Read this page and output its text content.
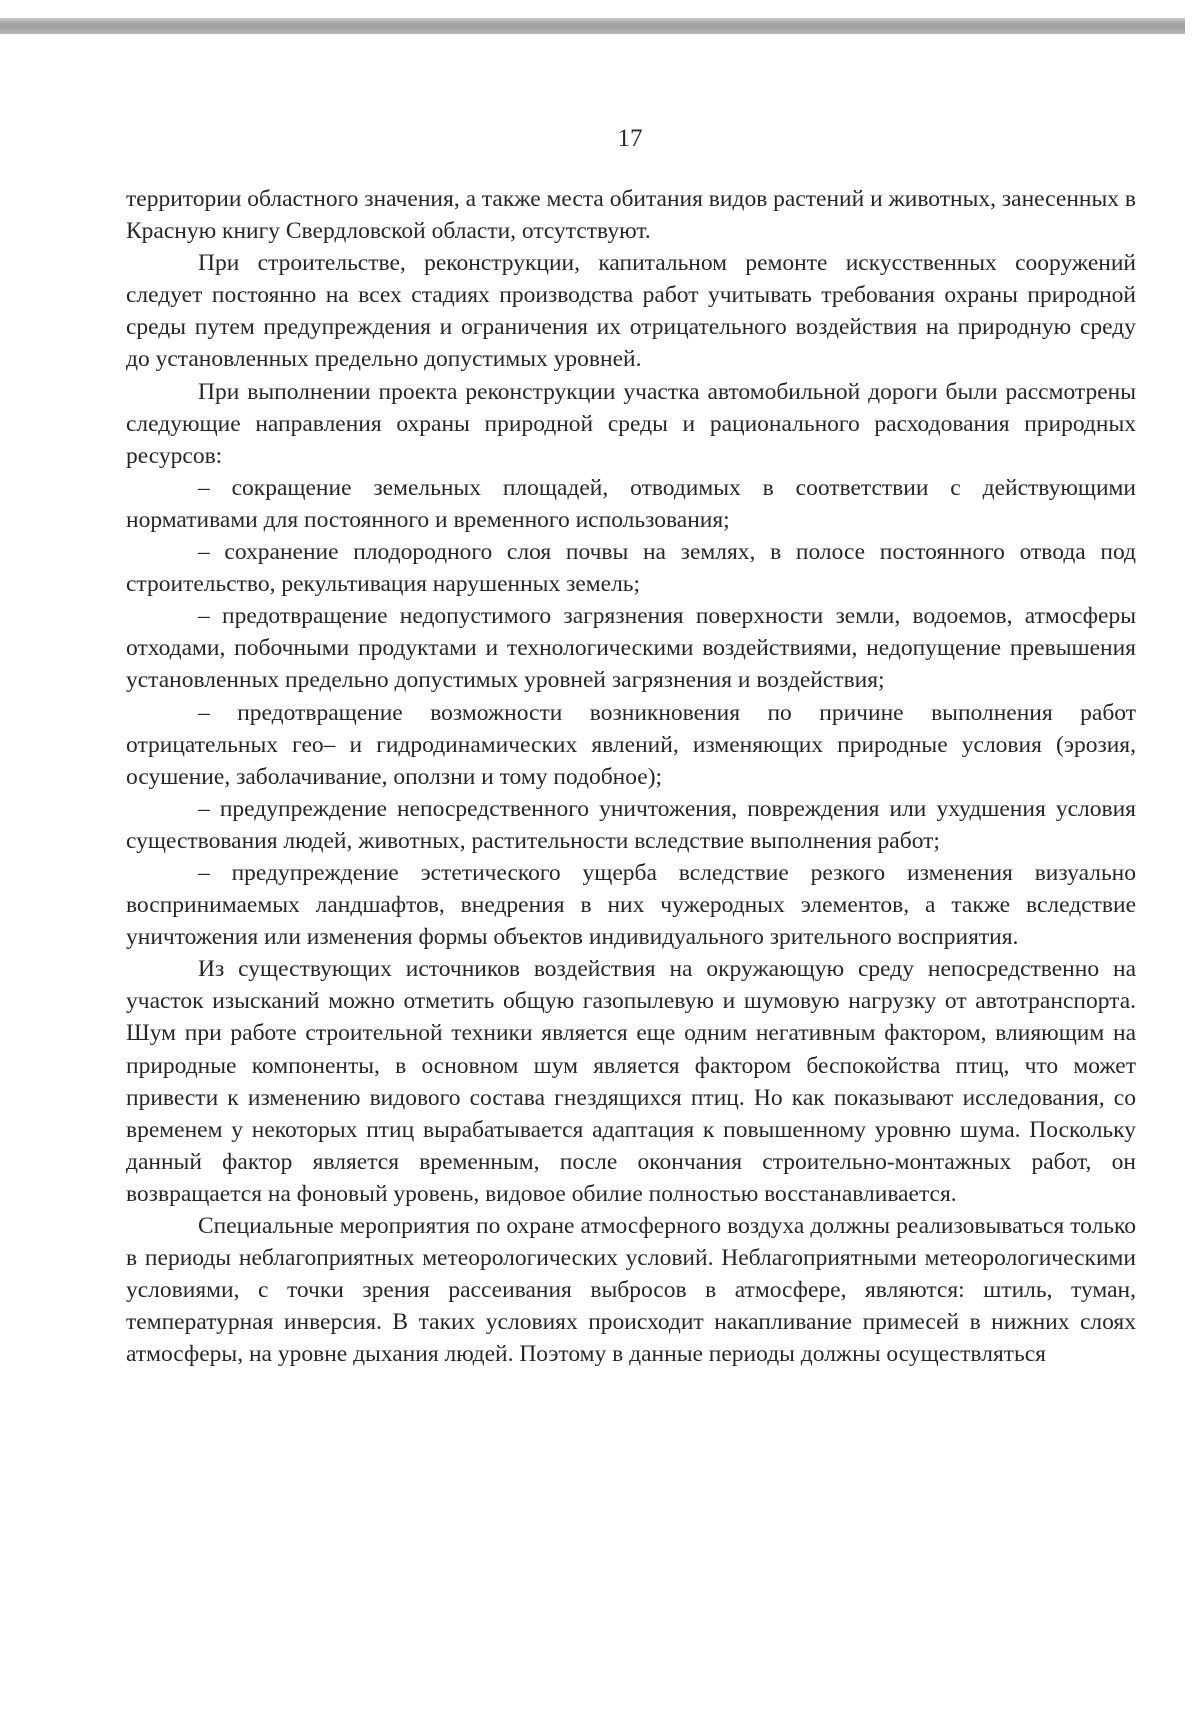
17

территории областного значения, а также места обитания видов растений и животных, занесенных в Красную книгу Свердловской области, отсутствуют.

При строительстве, реконструкции, капитальном ремонте искусственных сооружений следует постоянно на всех стадиях производства работ учитывать требования охраны природной среды путем предупреждения и ограничения их отрицательного воздействия на природную среду до установленных предельно допустимых уровней.

При выполнении проекта реконструкции участка автомобильной дороги были рассмотрены следующие направления охраны природной среды и рационального расходования природных ресурсов:

– сокращение земельных площадей, отводимых в соответствии с действующими нормативами для постоянного и временного использования;

– сохранение плодородного слоя почвы на землях, в полосе постоянного отвода под строительство, рекультивация нарушенных земель;

– предотвращение недопустимого загрязнения поверхности земли, водоемов, атмосферы отходами, побочными продуктами и технологическими воздействиями, недопущение превышения установленных предельно допустимых уровней загрязнения и воздействия;

– предотвращение возможности возникновения по причине выполнения работ отрицательных гео– и гидродинамических явлений, изменяющих природные условия (эрозия, осушение, заболачивание, оползни и тому подобное);

– предупреждение непосредственного уничтожения, повреждения или ухудшения условия существования людей, животных, растительности вследствие выполнения работ;

– предупреждение эстетического ущерба вследствие резкого изменения визуально воспринимаемых ландшафтов, внедрения в них чужеродных элементов, а также вследствие уничтожения или изменения формы объектов индивидуального зрительного восприятия.

Из существующих источников воздействия на окружающую среду непосредственно на участок изысканий можно отметить общую газопылевую и шумовую нагрузку от автотранспорта. Шум при работе строительной техники является еще одним негативным фактором, влияющим на природные компоненты, в основном шум является фактором беспокойства птиц, что может привести к изменению видового состава гнездящихся птиц. Но как показывают исследования, со временем у некоторых птиц вырабатывается адаптация к повышенному уровню шума. Поскольку данный фактор является временным, после окончания строительно-монтажных работ, он возвращается на фоновый уровень, видовое обилие полностью восстанавливается.

Специальные мероприятия по охране атмосферного воздуха должны реализовываться только в периоды неблагоприятных метеорологических условий. Неблагоприятными метеорологическими условиями, с точки зрения рассеивания выбросов в атмосфере, являются: штиль, туман, температурная инверсия. В таких условиях происходит накапливание примесей в нижних слоях атмосферы, на уровне дыхания людей. Поэтому в данные периоды должны осуществляться
